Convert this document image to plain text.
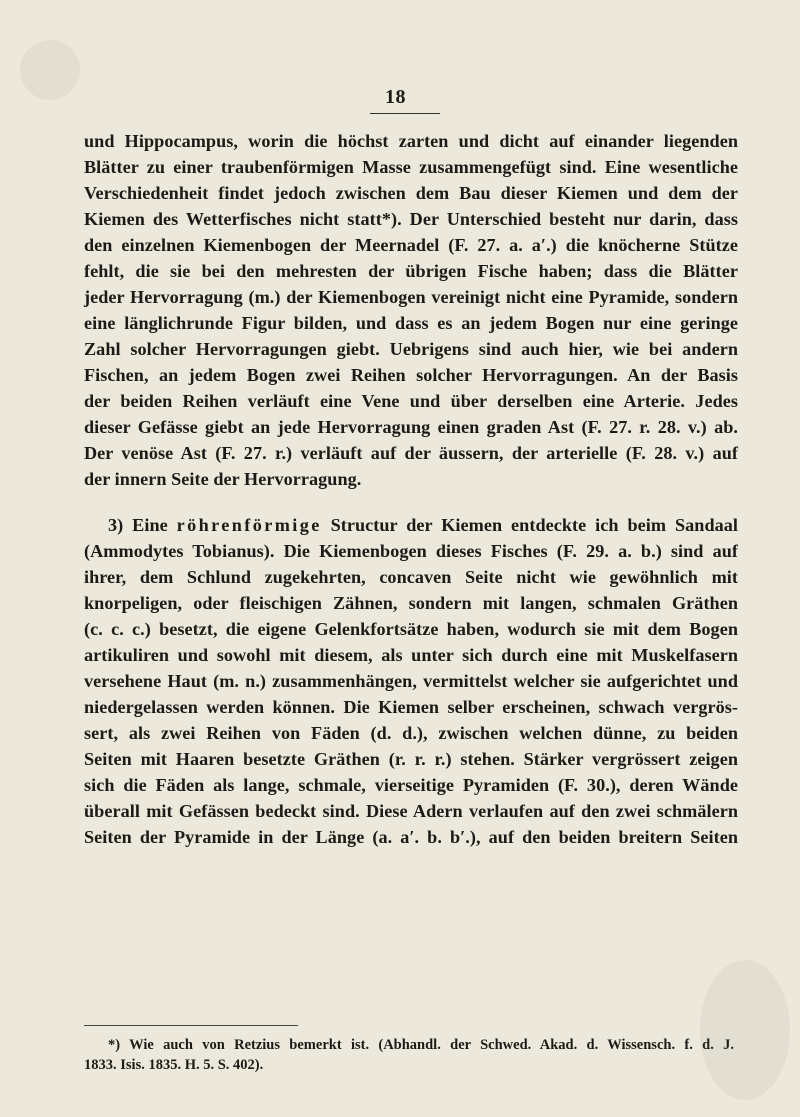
18
und Hippocampus, worin die höchst zarten und dicht auf einander liegenden
Blätter zu einer traubenförmigen Masse zusammengefügt sind. Eine wesentliche
Verschiedenheit findet jedoch zwischen dem Bau dieser Kiemen und dem der
Kiemen des Wetterfisches nicht statt*). Der Unterschied besteht nur darin, dass
den einzelnen Kiemenbogen der Meernadel (F. 27. a. a′.) die knöcherne Stütze
fehlt, die sie bei den mehresten der übrigen Fische haben; dass die Blätter
jeder Hervorragung (m.) der Kiemenbogen vereinigt nicht eine Pyramide, sondern
eine länglichrunde Figur bilden, und dass es an jedem Bogen nur eine geringe
Zahl solcher Hervorragungen giebt. Uebrigens sind auch hier, wie bei andern
Fischen, an jedem Bogen zwei Reihen solcher Hervorragungen. An der Basis
der beiden Reihen verläuft eine Vene und über derselben eine Arterie. Jedes
dieser Gefässe giebt an jede Hervorragung einen graden Ast (F. 27. r. 28. v.) ab.
Der venöse Ast (F. 27. r.) verläuft auf der äussern, der arterielle (F. 28. v.) auf
der innern Seite der Hervorragung.
3) Eine röhrenförmige Structur der Kiemen entdeckte ich beim Sandaal
(Ammodytes Tobianus). Die Kiemenbogen dieses Fisches (F. 29. a. b.) sind auf
ihrer, dem Schlund zugekehrten, concaven Seite nicht wie gewöhnlich mit
knorpeligen, oder fleischigen Zähnen, sondern mit langen, schmalen Gräthen
(c. c. c.) besetzt, die eigene Gelenkfortsätze haben, wodurch sie mit dem Bogen
artikuliren und sowohl mit diesem, als unter sich durch eine mit Muskelfasern
versehene Haut (m. n.) zusammenhängen, vermittelst welcher sie aufgerichtet und
niedergelassen werden können. Die Kiemen selber erscheinen, schwach vergrös-
sert, als zwei Reihen von Fäden (d. d.), zwischen welchen dünne, zu beiden
Seiten mit Haaren besetzte Gräthen (r. r. r.) stehen. Stärker vergrössert zeigen
sich die Fäden als lange, schmale, vierseitige Pyramiden (F. 30.), deren Wände
überall mit Gefässen bedeckt sind. Diese Adern verlaufen auf den zwei schmälern
Seiten der Pyramide in der Länge (a. a′. b. b′.), auf den beiden breitern Seiten
*) Wie auch von Retzius bemerkt ist. (Abhandl. der Schwed. Akad. d. Wissensch. f. d. J.
1833. Isis. 1835. H. 5. S. 402).
